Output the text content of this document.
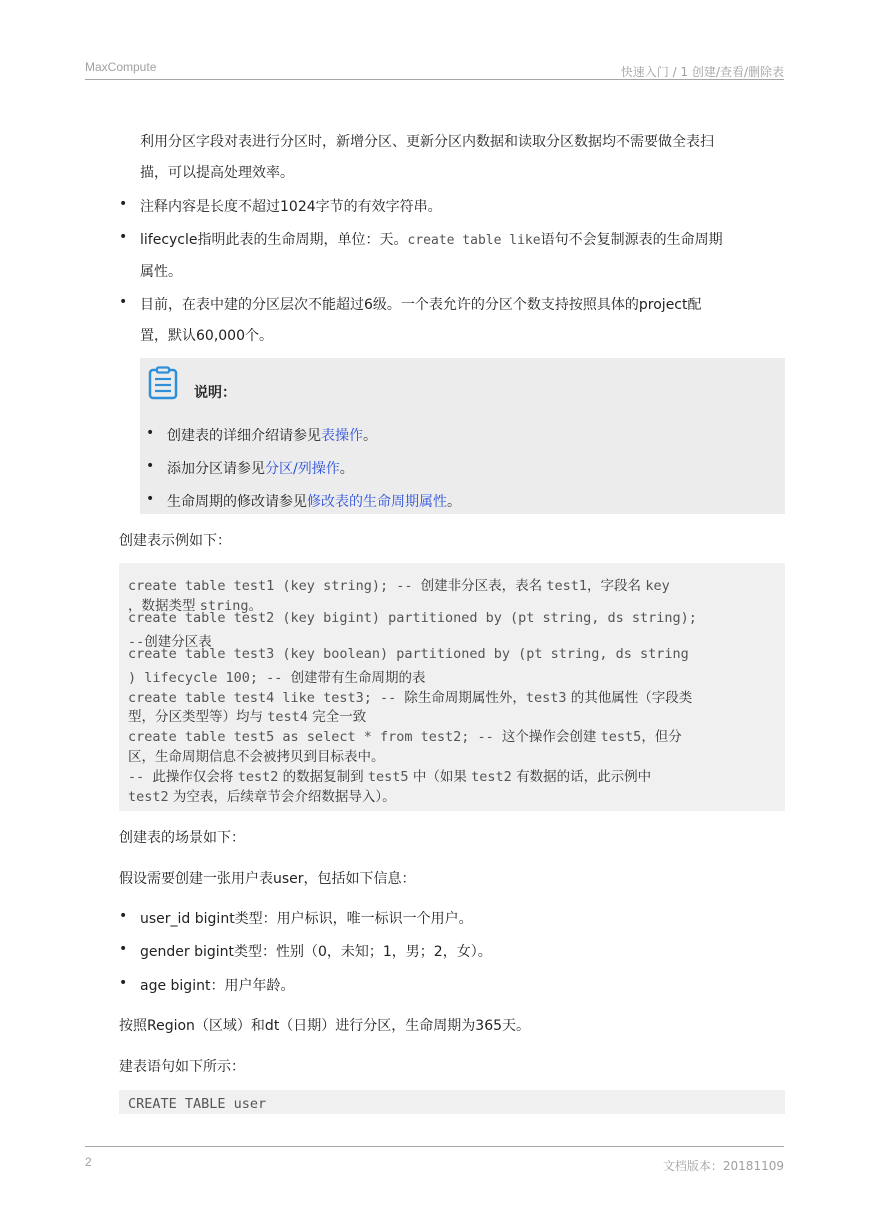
MaxCompute	快速入门 / 1 创建/查看/删除表
利用分区字段对表进行分区时，新增分区、更新分区内数据和读取分区数据均不需要做全表扫
描，可以提高处理效率。
• 注释内容是长度不超过1024字节的有效字符串。
• lifecycle指明此表的生命周期，单位：天。create table like语句不会复制源表的生命周期
属性。
• 目前，在表中建的分区层次不能超过6级。一个表允许的分区个数支持按照具体的project配
置，默认60,000个。
说明：
• 创建表的详细介绍请参见表操作。
• 添加分区请参见分区/列操作。
• 生命周期的修改请参见修改表的生命周期属性。
创建表示例如下：
create table test1 (key string); -- 创建非分区表，表名 test1，字段名 key
，数据类型 string。
create table test2 (key bigint) partitioned by (pt string, ds string);
--创建分区表
create table test3 (key boolean) partitioned by (pt string, ds string
) lifecycle 100; -- 创建带有生命周期的表
create table test4 like test3; -- 除生命周期属性外，test3 的其他属性（字段类
型，分区类型等）均与 test4 完全一致
create table test5 as select * from test2; -- 这个操作会创建 test5，但分
区，生命周期信息不会被拷贝到目标表中。
-- 此操作仅会将 test2 的数据复制到 test5 中（如果 test2 有数据的话，此示例中
test2 为空表，后续章节会介绍数据导入）。
创建表的场景如下：
假设需要创建一张用户表user，包括如下信息：
• user_id bigint类型：用户标识，唯一标识一个用户。
• gender bigint类型：性别（0，未知；1，男；2，女）。
• age bigint：用户年龄。
按照Region（区域）和dt（日期）进行分区，生命周期为365天。
建表语句如下所示：
CREATE TABLE user
2	文档版本：20181109
